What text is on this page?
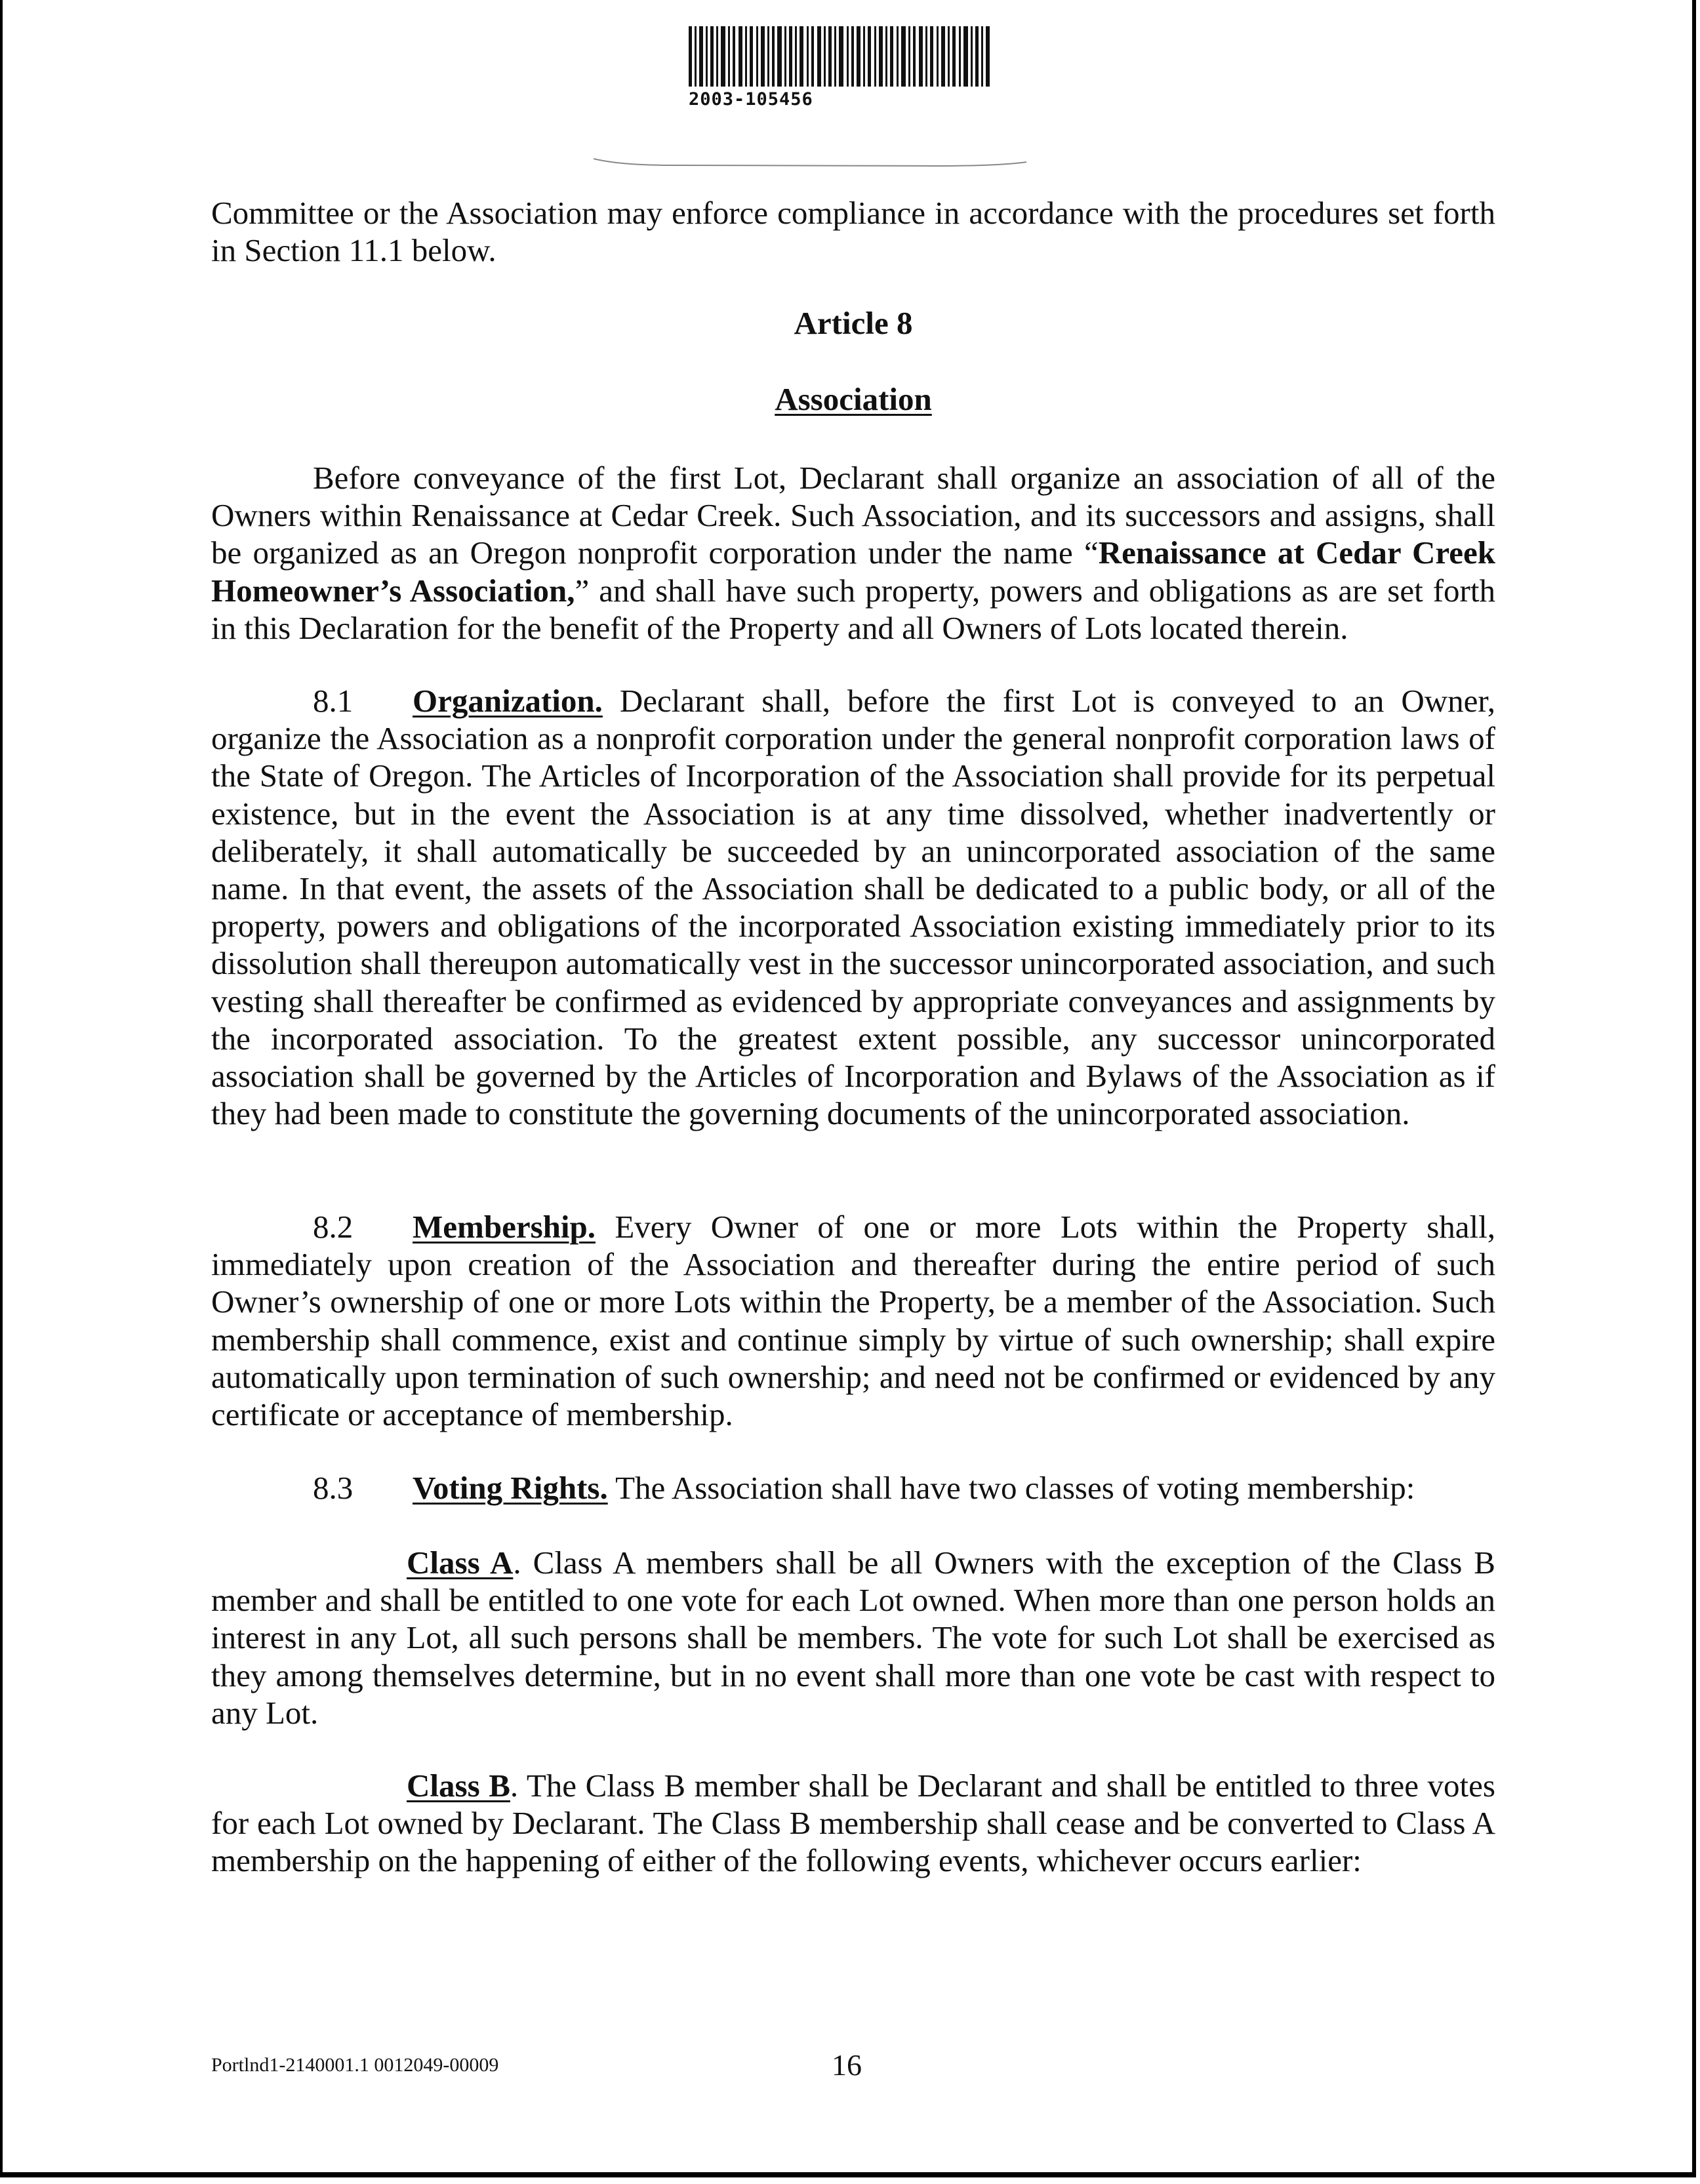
2003-105456
Committee or the Association may enforce compliance in accordance with the procedures set forth in Section 11.1 below.
Article 8
Association
Before conveyance of the first Lot, Declarant shall organize an association of all of the Owners within Renaissance at Cedar Creek. Such Association, and its successors and assigns, shall be organized as an Oregon nonprofit corporation under the name “Renaissance at Cedar Creek Homeowner’s Association,” and shall have such property, powers and obligations as are set forth in this Declaration for the benefit of the Property and all Owners of Lots located therein.
8.1 Organization. Declarant shall, before the first Lot is conveyed to an Owner, organize the Association as a nonprofit corporation under the general nonprofit corporation laws of the State of Oregon. The Articles of Incorporation of the Association shall provide for its perpetual existence, but in the event the Association is at any time dissolved, whether inadvertently or deliberately, it shall automatically be succeeded by an unincorporated association of the same name. In that event, the assets of the Association shall be dedicated to a public body, or all of the property, powers and obligations of the incorporated Association existing immediately prior to its dissolution shall thereupon automatically vest in the successor unincorporated association, and such vesting shall thereafter be confirmed as evidenced by appropriate conveyances and assignments by the incorporated association. To the greatest extent possible, any successor unincorporated association shall be governed by the Articles of Incorporation and Bylaws of the Association as if they had been made to constitute the governing documents of the unincorporated association.
8.2 Membership. Every Owner of one or more Lots within the Property shall, immediately upon creation of the Association and thereafter during the entire period of such Owner’s ownership of one or more Lots within the Property, be a member of the Association. Such membership shall commence, exist and continue simply by virtue of such ownership; shall expire automatically upon termination of such ownership; and need not be confirmed or evidenced by any certificate or acceptance of membership.
8.3 Voting Rights. The Association shall have two classes of voting membership:
Class A. Class A members shall be all Owners with the exception of the Class B member and shall be entitled to one vote for each Lot owned. When more than one person holds an interest in any Lot, all such persons shall be members. The vote for such Lot shall be exercised as they among themselves determine, but in no event shall more than one vote be cast with respect to any Lot.
Class B. The Class B member shall be Declarant and shall be entitled to three votes for each Lot owned by Declarant. The Class B membership shall cease and be converted to Class A membership on the happening of either of the following events, whichever occurs earlier:
Portlnd1-2140001.1 0012049-00009	16
